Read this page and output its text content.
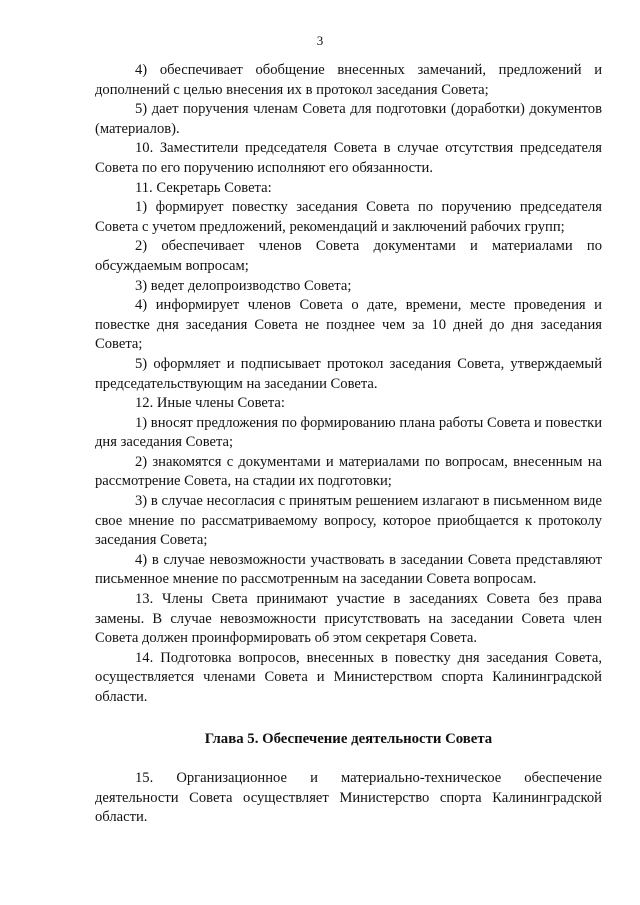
3

4) обеспечивает обобщение внесенных замечаний, предложений и дополнений с целью внесения их в протокол заседания Совета;

5) дает поручения членам Совета для подготовки (доработки) документов (материалов).

10. Заместители председателя Совета в случае отсутствия председателя Совета по его поручению исполняют его обязанности.

11. Секретарь Совета:

1) формирует повестку заседания Совета по поручению председателя Совета с учетом предложений, рекомендаций и заключений рабочих групп;

2) обеспечивает членов Совета документами и материалами по обсуждаемым вопросам;

3) ведет делопроизводство Совета;

4) информирует членов Совета о дате, времени, месте проведения и повестке дня заседания Совета не позднее чем за 10 дней до дня заседания Совета;

5) оформляет и подписывает протокол заседания Совета, утверждаемый председательствующим на заседании Совета.

12. Иные члены Совета:

1) вносят предложения по формированию плана работы Совета и повестки дня заседания Совета;

2) знакомятся с документами и материалами по вопросам, внесенным на рассмотрение Совета, на стадии их подготовки;

3) в случае несогласия с принятым решением излагают в письменном виде свое мнение по рассматриваемому вопросу, которое приобщается к протоколу заседания Совета;

4) в случае невозможности участвовать в заседании Совета представляют письменное мнение по рассмотренным на заседании Совета вопросам.

13. Члены Света принимают участие в заседаниях Совета без права замены. В случае невозможности присутствовать на заседании Совета член Совета должен проинформировать об этом секретаря Совета.

14. Подготовка вопросов, внесенных в повестку дня заседания Совета, осуществляется членами Совета и Министерством спорта Калининградской области.

Глава 5. Обеспечение деятельности Совета

15. Организационное и материально-техническое обеспечение деятельности Совета осуществляет Министерство спорта Калининградской области.
